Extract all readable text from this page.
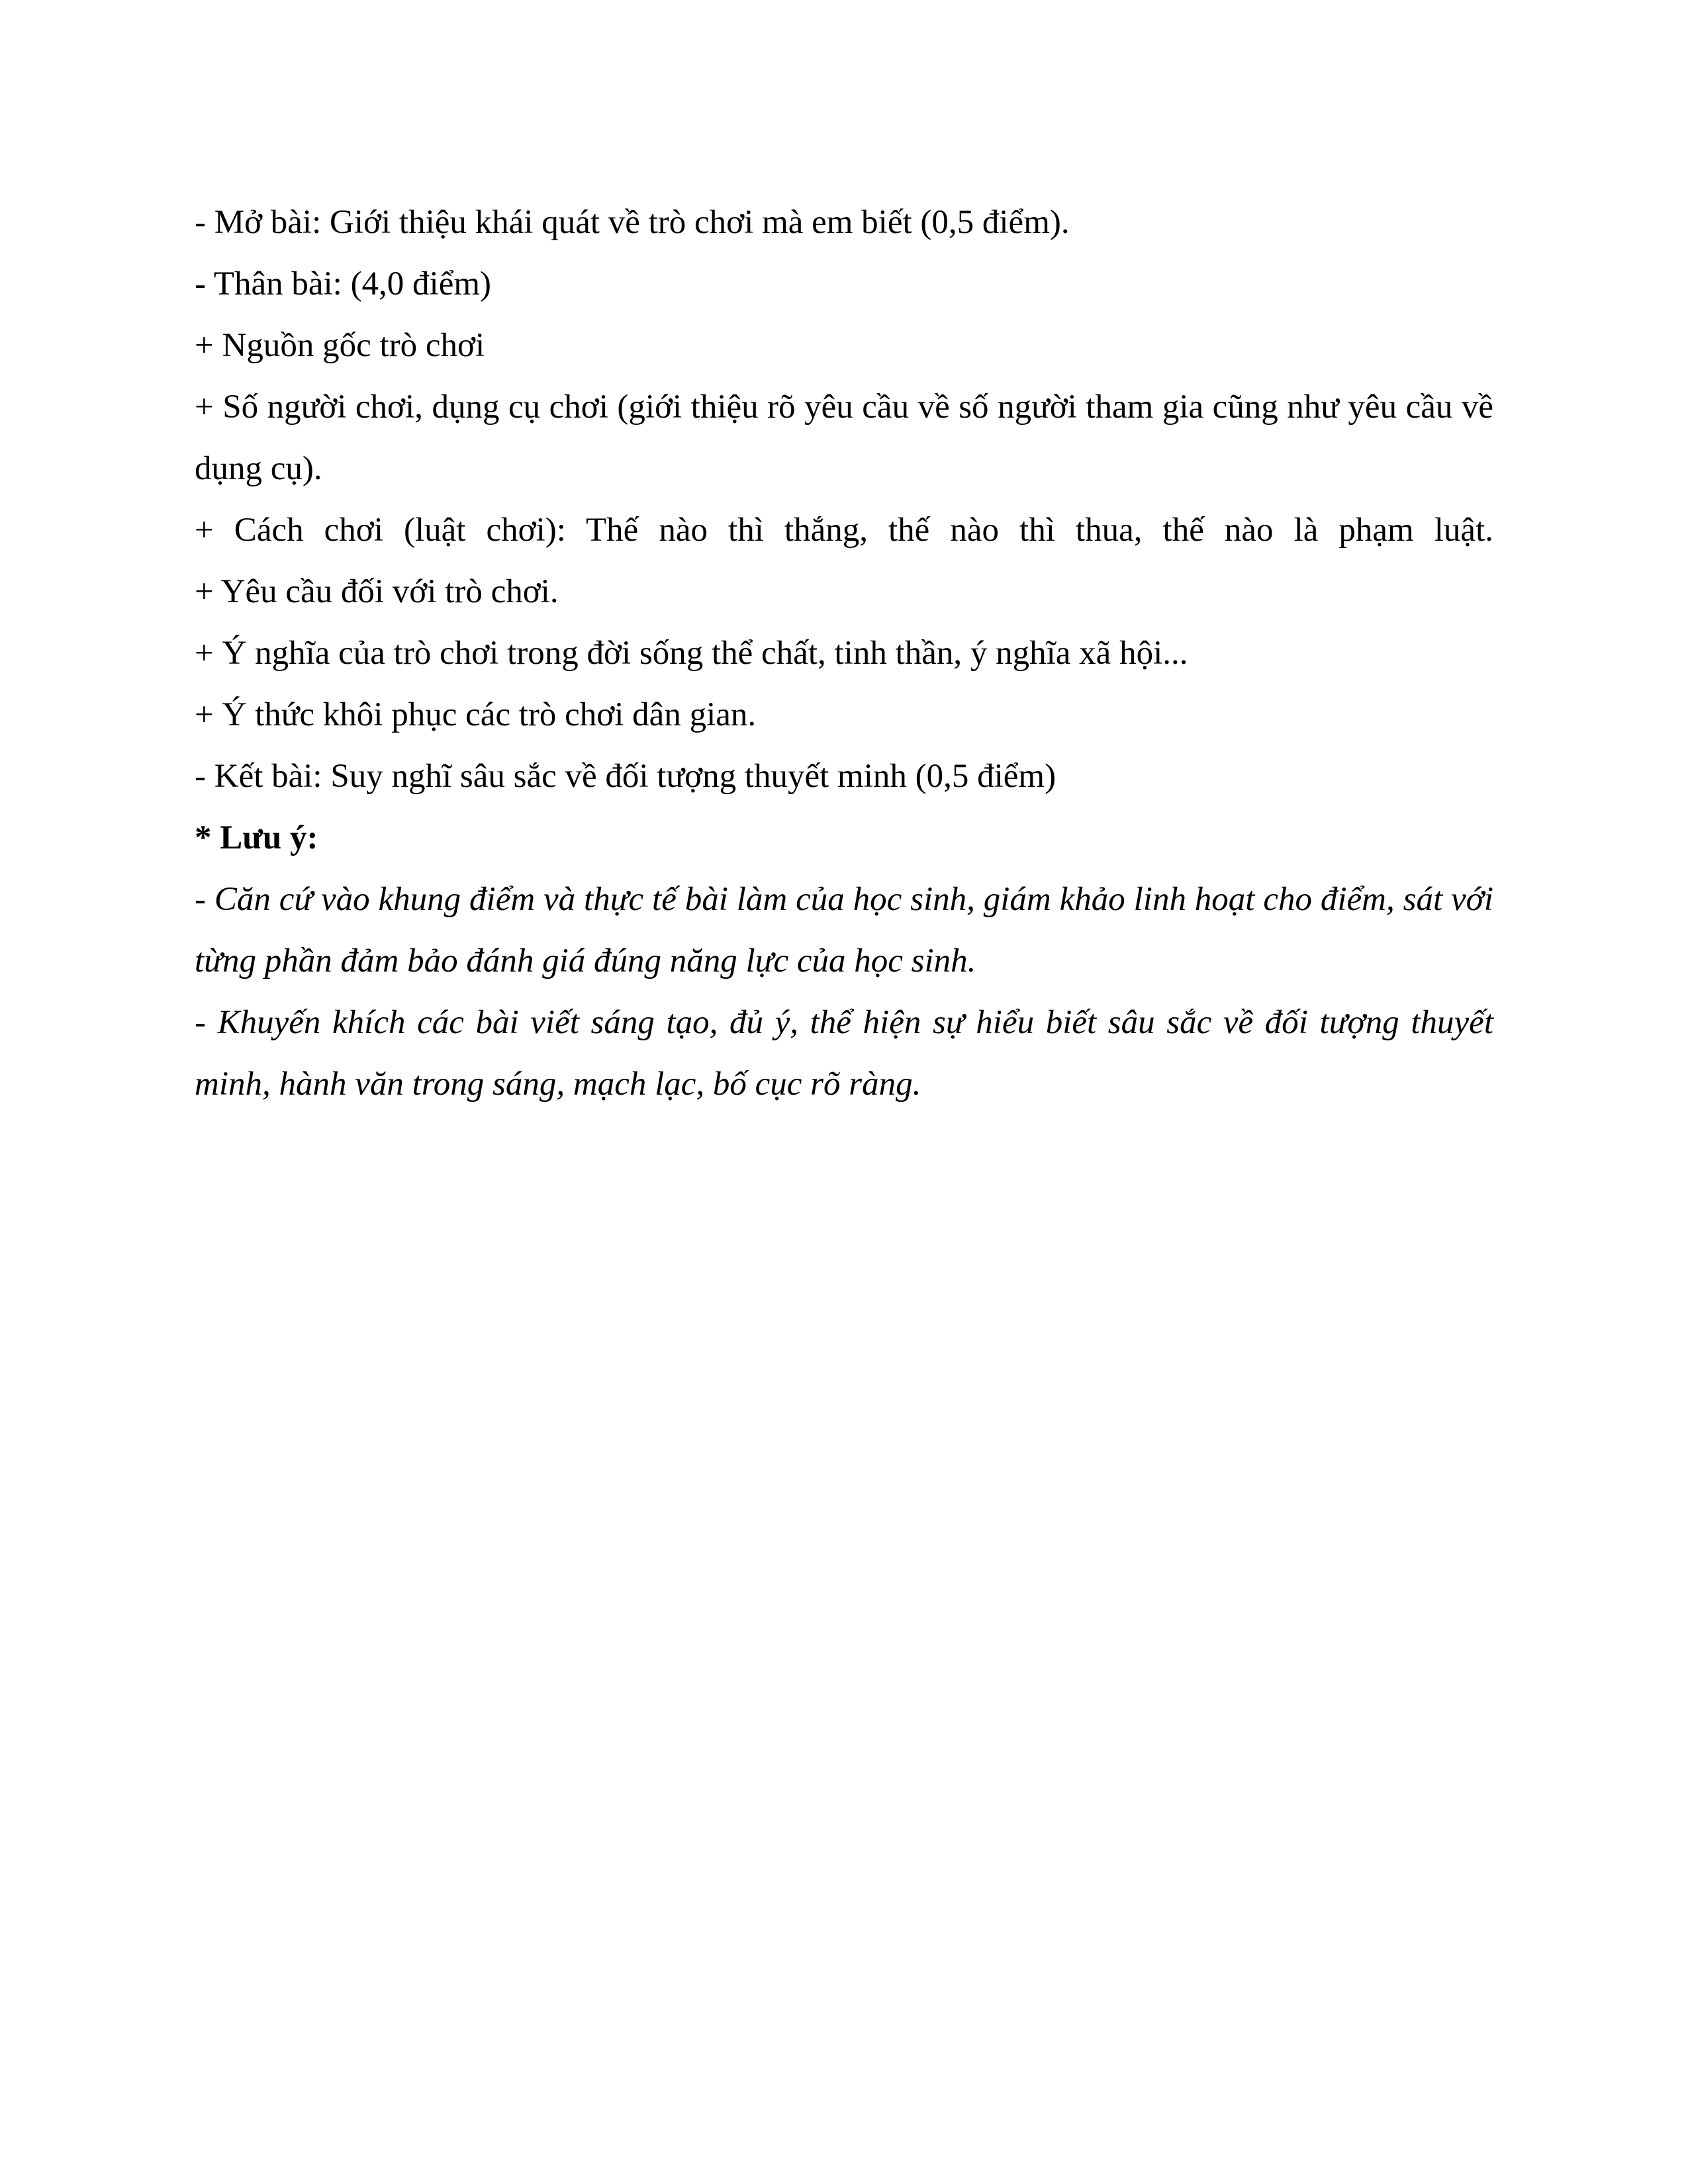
- Mở bài: Giới thiệu khái quát về trò chơi mà em biết (0,5 điểm).

- Thân bài: (4,0 điểm)

+ Nguồn gốc trò chơi

+ Số người chơi, dụng cụ chơi (giới thiệu rõ yêu cầu về số người tham gia cũng như yêu cầu về dụng cụ).

+ Cách chơi (luật chơi): Thế nào thì thắng, thế nào thì thua, thế nào là phạm luật.

+ Yêu cầu đối với trò chơi.

+ Ý nghĩa của trò chơi trong đời sống thể chất, tinh thần, ý nghĩa xã hội...

+ Ý thức khôi phục các trò chơi dân gian.

- Kết bài: Suy nghĩ sâu sắc về đối tượng thuyết minh (0,5 điểm)

* Lưu ý:

- Căn cứ vào khung điểm và thực tế bài làm của học sinh, giám khảo linh hoạt cho điểm, sát với từng phần đảm bảo đánh giá đúng năng lực của học sinh.

- Khuyến khích các bài viết sáng tạo, đủ ý, thể hiện sự hiểu biết sâu sắc về đối tượng thuyết minh, hành văn trong sáng, mạch lạc, bố cục rõ ràng.
